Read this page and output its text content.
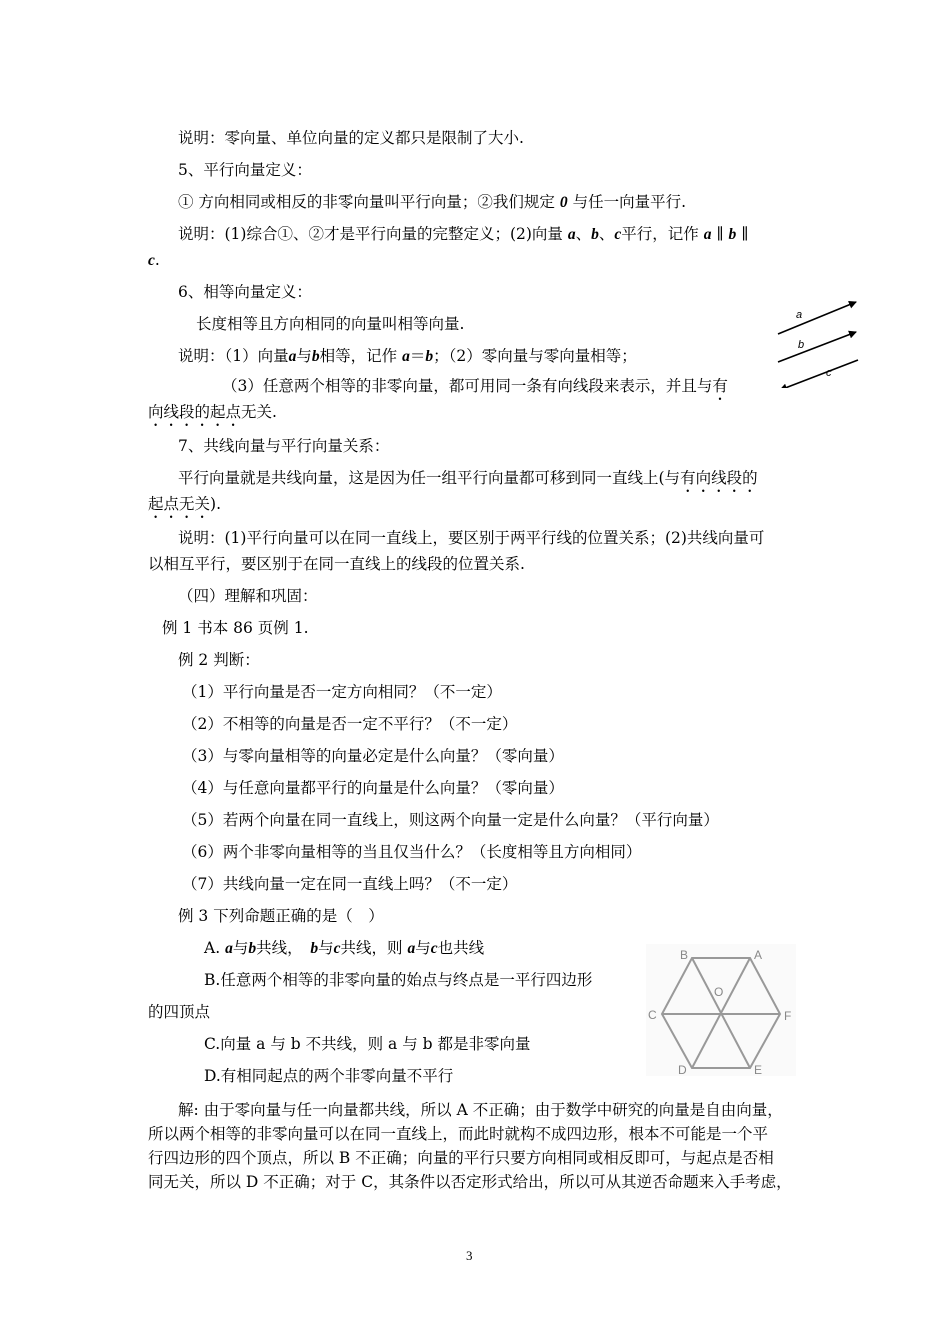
说明：零向量、单位向量的定义都只是限制了大小.
5、平行向量定义：
① 方向相同或相反的非零向量叫平行向量；②我们规定 0 与任一向量平行.
说明：(1)综合①、②才是平行向量的完整定义；(2)向量 a、b、c平行，记作 a ∥ b ∥
c.
6、相等向量定义：
长度相等且方向相同的向量叫相等向量.
说明：（1）向量a与b相等，记作 a＝b；（2）零向量与零向量相等；
（3）任意两个相等的非零向量，都可用同一条有向线段来表示，并且与有
向线段的起点无关.
7、共线向量与平行向量关系：
平行向量就是共线向量，这是因为任一组平行向量都可移到同一直线上(与有向线段的
起点无关).
说明：(1)平行向量可以在同一直线上，要区别于两平行线的位置关系；(2)共线向量可
以相互平行，要区别于在同一直线上的线段的位置关系.
（四）理解和巩固：
例 1 书本 86 页例 1.
例 2 判断：
（1）平行向量是否一定方向相同？（不一定）
（2）不相等的向量是否一定不平行？（不一定）
（3）与零向量相等的向量必定是什么向量？（零向量）
（4）与任意向量都平行的向量是什么向量？（零向量）
（5）若两个向量在同一直线上，则这两个向量一定是什么向量？（平行向量）
（6）两个非零向量相等的当且仅当什么？（长度相等且方向相同）
（7）共线向量一定在同一直线上吗？（不一定）
例 3 下列命题正确的是（　）
A. a与b共线，　 b与c共线，则 a与c也共线
B.任意两个相等的非零向量的始点与终点是一平行四边形
的四顶点
C.向量 a 与 b 不共线，则 a 与 b 都是非零向量
D.有相同起点的两个非零向量不平行
解: 由于零向量与任一向量都共线，所以 A 不正确；由于数学中研究的向量是自由向量，
所以两个相等的非零向量可以在同一直线上，而此时就构不成四边形，根本不可能是一个平
行四边形的四个顶点，所以 B 不正确；向量的平行只要方向相同或相反即可，与起点是否相
同无关，所以 D 不正确；对于 C，其条件以否定形式给出，所以可从其逆否命题来入手考虑，
a
b
c
B	A
O
C	F
D	E
3
